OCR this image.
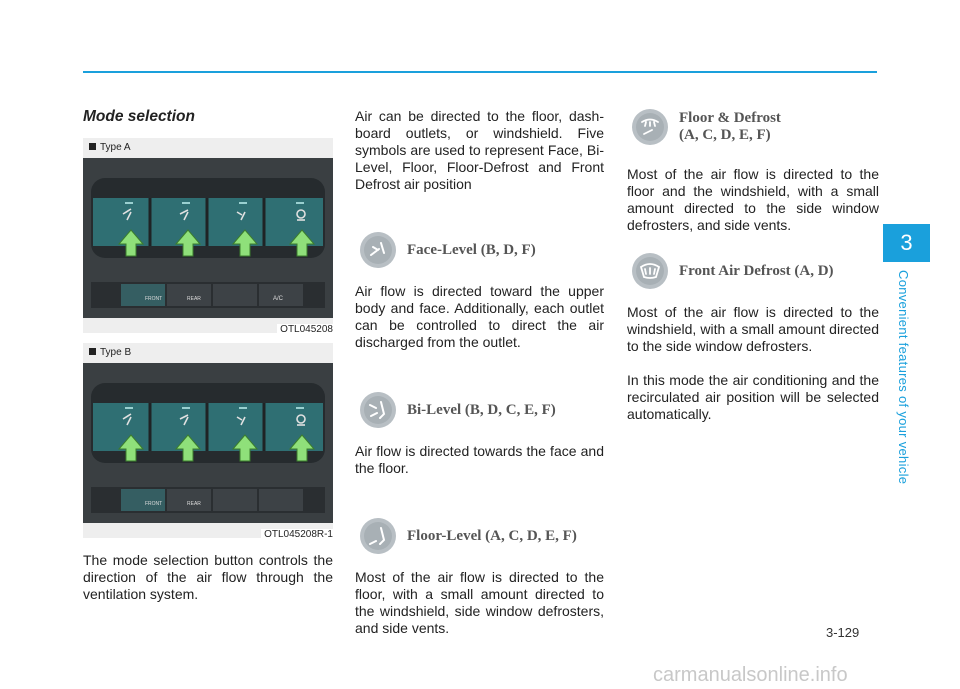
Mode selection

Type A
FRONT	REAR	A/C
OTL045208
Type B
FRONT	REAR
OTL045208R-1

The mode selection button controls the direction of the air flow through the ventilation system.

Air can be directed to the floor, dash-board outlets, or windshield. Five symbols are used to represent Face, Bi-Level, Floor, Floor-Defrost and Front Defrost air position

Face-Level (B, D, F)

Air flow is directed toward the upper body and face. Additionally, each outlet can be controlled to direct the air discharged from the outlet.

Bi-Level (B, D, C, E, F)

Air flow is directed towards the face and the floor.

Floor-Level (A, C, D, E, F)

Most of the air flow is directed to the floor, with a small amount directed to the windshield, side window defrosters, and side vents.

Floor & Defrost
(A, C, D, E, F)

Most of the air flow is directed to the floor and the windshield, with a small amount directed to the side window defrosters, and side vents.

Front Air Defrost (A, D)

Most of the air flow is directed to the windshield, with a small amount directed to the side window defrosters.

In this mode the air conditioning and the recirculated air position will be selected automatically.

3
Convenient features of your vehicle
3-129
carmanualsonline.info
